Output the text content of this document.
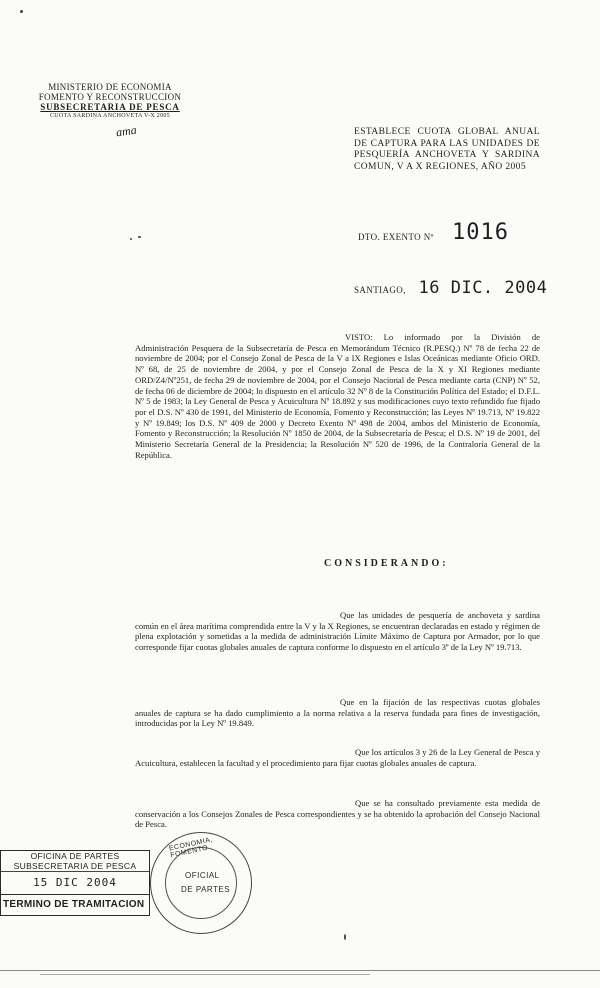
MINISTERIO DE ECONOMIA
FOMENTO Y RECONSTRUCCION
SUBSECRETARIA DE PESCA
CUOTA SARDINA ANCHOVETA V-X 2005
ama	ESTABLECE CUOTA GLOBAL ANUAL DE CAPTURA PARA LAS UNIDADES DE PESQUERÍA ANCHOVETA Y SARDINA COMUN, V A X REGIONES, AÑO 2005
DTO. EXENTO Nº 1016
SANTIAGO, 16 DIC. 2004
VISTO: Lo informado por la División de Administración Pesquera de la Subsecretaría de Pesca en Memorándum Técnico (R.PESQ.) Nº 78 de fecha 22 de noviembre de 2004; por el Consejo Zonal de Pesca de la V a IX Regiones e Islas Oceánicas mediante Oficio ORD. Nº 68, de 25 de noviembre de 2004, y por el Consejo Zonal de Pesca de la X y XI Regiones mediante ORD/Z4/Nº251, de fecha 29 de noviembre de 2004, por el Consejo Nacional de Pesca mediante carta (CNP) Nº 52, de fecha 06 de diciembre de 2004; lo dispuesto en el artículo 32 Nº 8 de la Constitución Política del Estado; el D.F.L. Nº 5 de 1983; la Ley General de Pesca y Acuicultura Nº 18.892 y sus modificaciones cuyo texto refundido fue fijado por el D.S. Nº 430 de 1991, del Ministerio de Economía, Fomento y Reconstrucción; las Leyes Nº 19.713, Nº 19.822 y Nº 19.849; los D.S. Nº 409 de 2000 y Decreto Exento Nº 498 de 2004, ambos del Ministerio de Economía, Fomento y Reconstrucción; la Resolución Nº 1850 de 2004, de la Subsecretaría de Pesca; el D.S. Nº 19 de 2001, del Ministerio Secretaría General de la Presidencia; la Resolución Nº 520 de 1996, de la Contraloría General de la República.
CONSIDERANDO:
Que las unidades de pesquería de anchoveta y sardina común en el área marítima comprendida entre la V y la X Regiones, se encuentran declaradas en estado y régimen de plena explotación y sometidas a la medida de administración Límite Máximo de Captura por Armador, por lo que corresponde fijar cuotas globales anuales de captura conforme lo dispuesto en el artículo 3º de la Ley Nº 19.713.
Que en la fijación de las respectivas cuotas globales anuales de captura se ha dado cumplimiento a la norma relativa a la reserva fundada para fines de investigación, introducidas por la Ley Nº 19.849.
Que los artículos 3 y 26 de la Ley General de Pesca y Acuicultura, establecen la facultad y el procedimiento para fijar cuotas globales anuales de captura.
Que se ha consultado previamente esta medida de conservación a los Consejos Zonales de Pesca correspondientes y se ha obtenido la aprobación del Consejo Nacional de Pesca.
OFICINA DE PARTES
SUBSECRETARIA DE PESCA
15 DIC 2004
TERMINO DE TRAMITACION
ECONOMIA, FOMENTO
OFICIAL
DE PARTES
